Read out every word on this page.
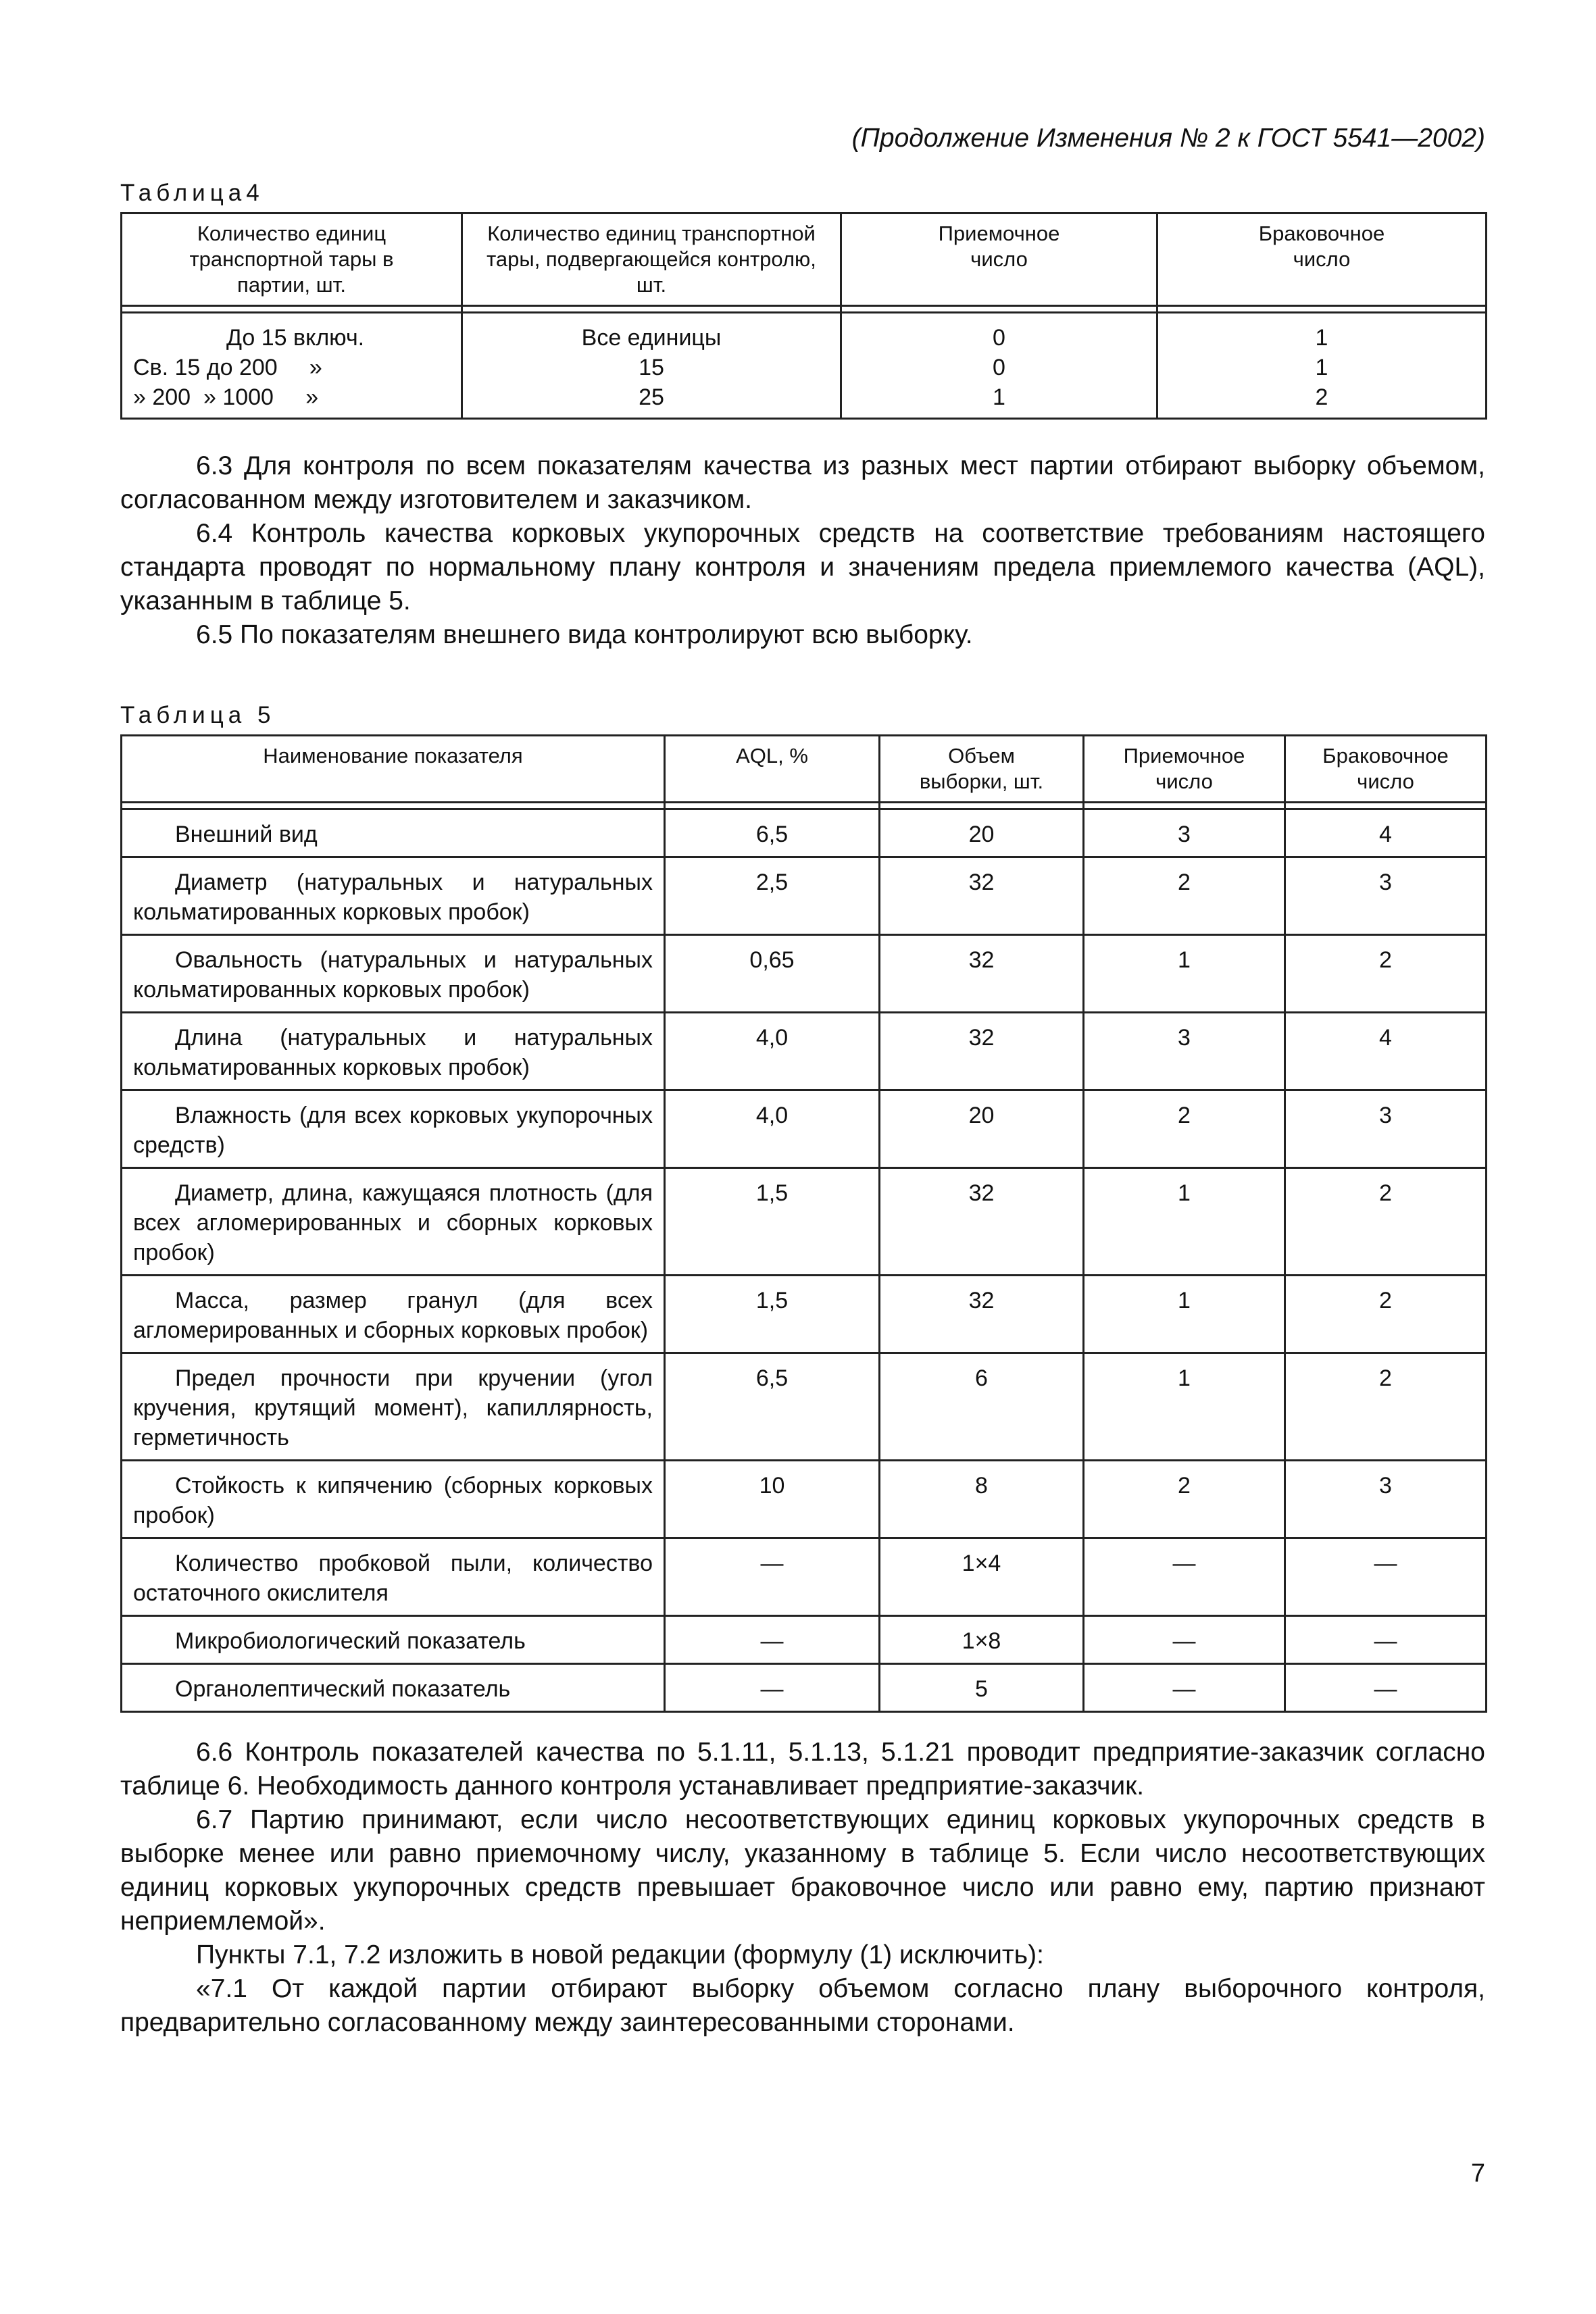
(Продолжение Изменения № 2 к ГОСТ 5541—2002)
Таблица4
Количество единиц транспортной тары в партии, шт.	Количество единиц транспортной тары, подвергающейся контролю, шт.	Приемочное число	Браковочное число

До 15 включ.	Все единицы	0	1
Св. 15 до 200     »	15	0	1
» 200  » 1000     »	25	1	2

6.3 Для контроля по всем показателям качества из разных мест партии отбирают выборку объемом, согласованном между изготовителем и заказчиком.

6.4 Контроль качества корковых укупорочных средств на соответствие требованиям настоящего стандарта проводят по нормальному плану контроля и значениям предела приемлемого качества (AQL), указанным в таблице 5.

6.5 По показателям внешнего вида контролируют всю выборку.

Таблица 5
Наименование показателя	AQL, %	Объем выборки, шт.	Приемочное число	Браковочное число

Внешний вид	6,5	20	3	4

Диаметр (натуральных и натуральных кольматированных корковых пробок)	2,5	32	2	3

Овальность (натуральных и натуральных кольматированных корковых пробок)	0,65	32	1	2

Длина (натуральных и натуральных кольматированных корковых пробок)	4,0	32	3	4

Влажность (для всех корковых укупорочных средств)	4,0	20	2	3

Диаметр, длина, кажущаяся плотность (для всех агломерированных и сборных корковых пробок)	1,5	32	1	2

Масса, размер гранул (для всех агломерированных и сборных корковых пробок)	1,5	32	1	2

Предел прочности при кручении (угол кручения, крутящий момент), капиллярность, герметичность	6,5	6	1	2

Стойкость к кипячению (сборных корковых пробок)	10	8	2	3

Количество пробковой пыли, количество остаточного окислителя	—	1×4	—	—

Микробиологический показатель	—	1×8	—	—

Органолептический показатель	—	5	—	—

6.6 Контроль показателей качества по 5.1.11, 5.1.13, 5.1.21 проводит предприятие-заказчик согласно таблице 6. Необходимость данного контроля устанавливает предприятие-заказчик.

6.7 Партию принимают, если число несоответствующих единиц корковых укупорочных средств в выборке менее или равно приемочному числу, указанному в таблице 5. Если число несоответствующих единиц корковых укупорочных средств превышает браковочное число или равно ему, партию признают неприемлемой».

Пункты 7.1, 7.2 изложить в новой редакции (формулу (1) исключить):

«7.1 От каждой партии отбирают выборку объемом согласно плану выборочного контроля, предварительно согласованному между заинтересованными сторонами.

7
